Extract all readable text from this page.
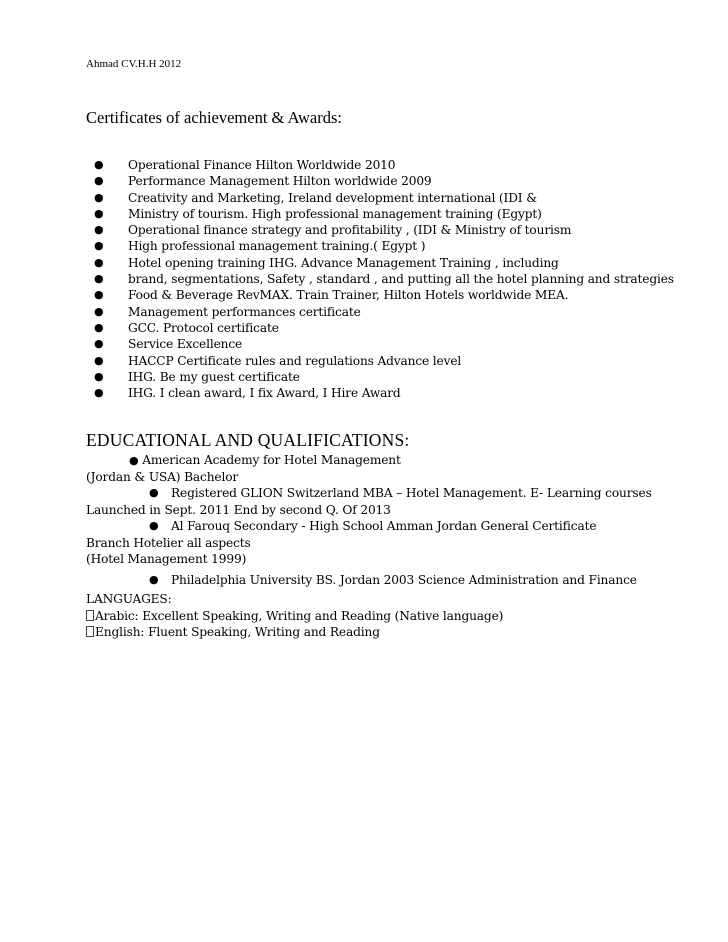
Ahmad CV.H.H 2012
Certificates of achievement & Awards:
● Operational Finance Hilton Worldwide 2010
● Performance Management Hilton worldwide 2009
● Creativity and Marketing, Ireland development international (IDI &
● Ministry of tourism. High professional management training (Egypt)
● Operational finance strategy and profitability , (IDI & Ministry of tourism
● High professional management training.( Egypt )
● Hotel opening training IHG. Advance Management Training , including
● brand, segmentations, Safety , standard , and putting all the hotel planning and strategies
● Food & Beverage RevMAX. Train Trainer, Hilton Hotels worldwide MEA.
● Management performances certificate
● GCC. Protocol certificate
● Service Excellence
● HACCP Certificate rules and regulations Advance level
● IHG. Be my guest certificate
● IHG. I clean award, I fix Award, I Hire Award
EDUCATIONAL AND QUALIFICATIONS:
● American Academy for Hotel Management
(Jordan & USA) Bachelor
● Registered GLION Switzerland MBA – Hotel Management. E- Learning courses
Launched in Sept. 2011 End by second Q. Of 2013
● Al Farouq Secondary - High School Amman Jordan General Certificate
Branch Hotelier all aspects
(Hotel Management 1999)
● Philadelphia University BS. Jordan 2003 Science Administration and Finance
LANGUAGES:
Arabic: Excellent Speaking, Writing and Reading (Native language)
English: Fluent Speaking, Writing and Reading
